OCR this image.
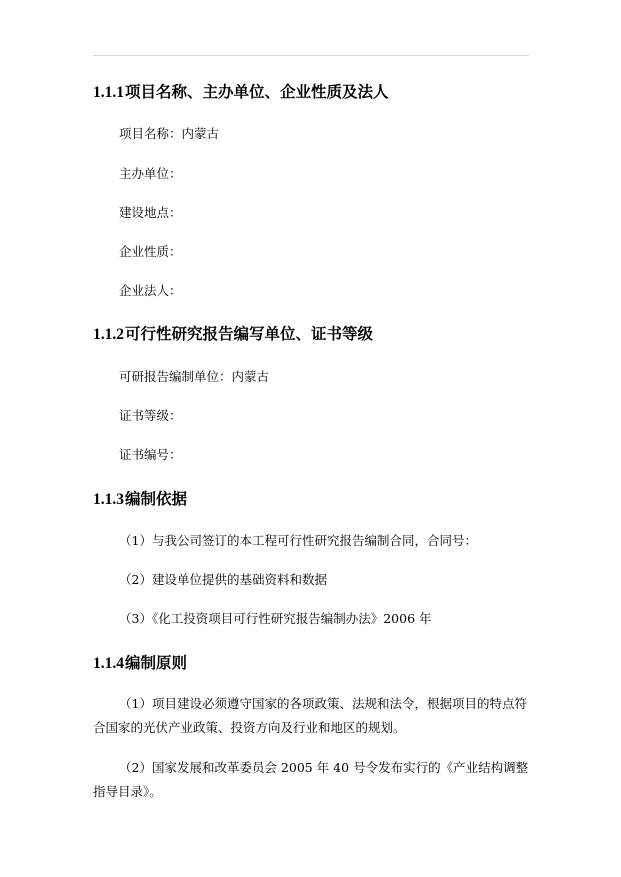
1.1.1项目名称、主办单位、企业性质及法人
项目名称：内蒙古
主办单位：
建设地点：
企业性质：
企业法人：
1.1.2可行性研究报告编写单位、证书等级
可研报告编制单位：内蒙古
证书等级：
证书编号：
1.1.3编制依据
（1）与我公司签订的本工程可行性研究报告编制合同，合同号：
（2）建设单位提供的基础资料和数据
（3）《化工投资项目可行性研究报告编制办法》2006 年
1.1.4编制原则
（1）项目建设必须遵守国家的各项政策、法规和法令，根据项目的特点符合国家的光伏产业政策、投资方向及行业和地区的规划。
（2）国家发展和改革委员会 2005 年 40 号令发布实行的《产业结构调整指导目录》。
